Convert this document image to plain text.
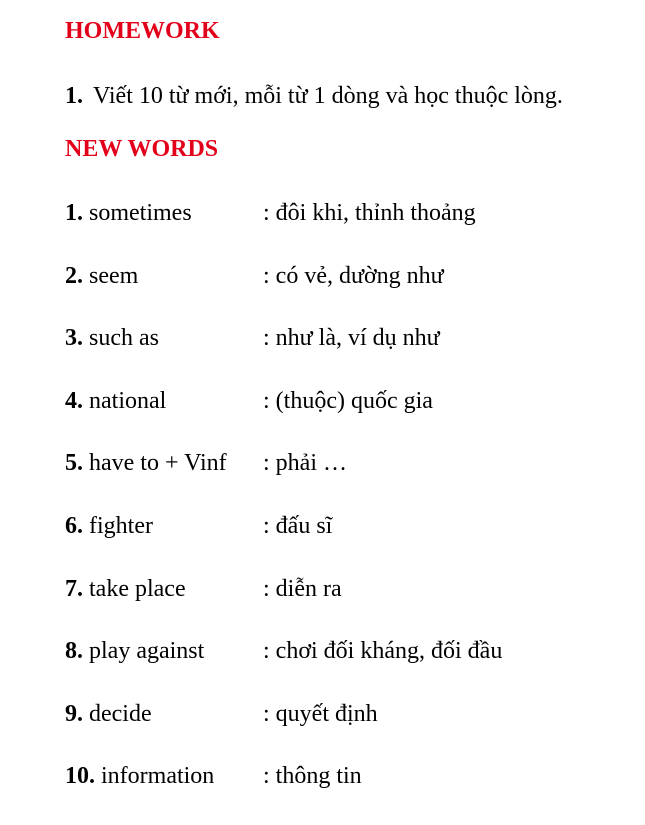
HOMEWORK
1. Viết 10 từ mới, mỗi từ 1 dòng và học thuộc lòng.
NEW WORDS
1. sometimes	: đôi khi, thỉnh thoảng
2. seem	: có vẻ, dường như
3. such as	: như là, ví dụ như
4. national	: (thuộc) quốc gia
5. have to + Vinf	: phải …
6. fighter	: đấu sĩ
7. take place	: diễn ra
8. play against	: chơi đối kháng, đối đầu
9. decide	: quyết định
10. information	: thông tin
